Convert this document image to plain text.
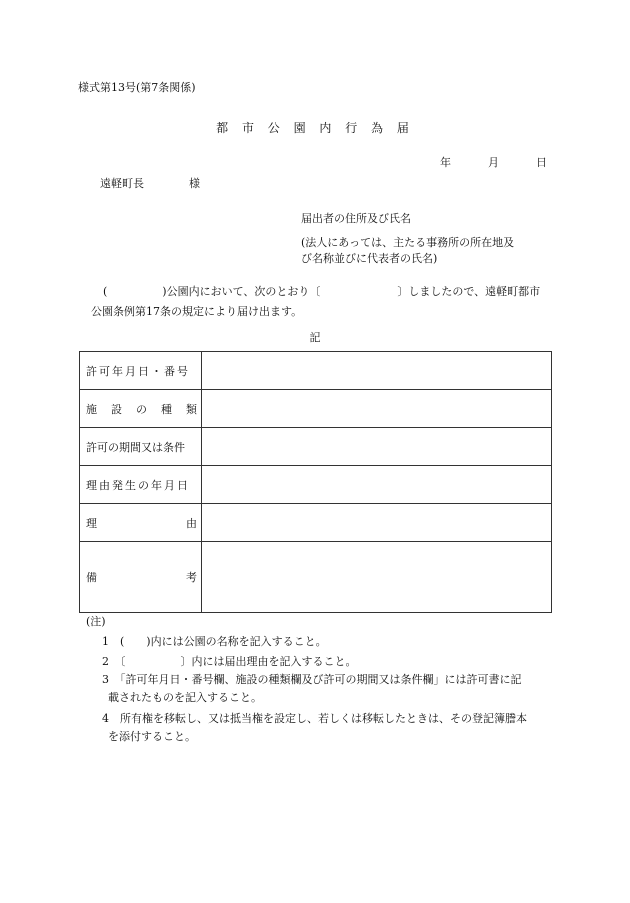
様式第13号(第7条関係)
都 市 公 園 内 行 為 届
年	月	日
遠軽町長	様
届出者の住所及び氏名
(法人にあっては、主たる事務所の所在地及
び名称並びに代表者の氏名)
(　　　　　)公園内において、次のとおり〔　　　　　　　〕しましたので、遠軽町都市
公園条例第17条の規定により届け出ます。
記
許可年月日・番号	

施 設 の 種 類	

許可の期間又は条件	

理由発生の年月日	

理 由	

備 考	

(注)
1　(　　)内には公園の名称を記入すること。
2　〔　　　　　〕内には届出理由を記入すること。
3　「許可年月日・番号欄、施設の種類欄及び許可の期間又は条件欄」には許可書に記
載されたものを記入すること。
4　所有権を移転し、又は抵当権を設定し、若しくは移転したときは、その登記簿謄本
を添付すること。
